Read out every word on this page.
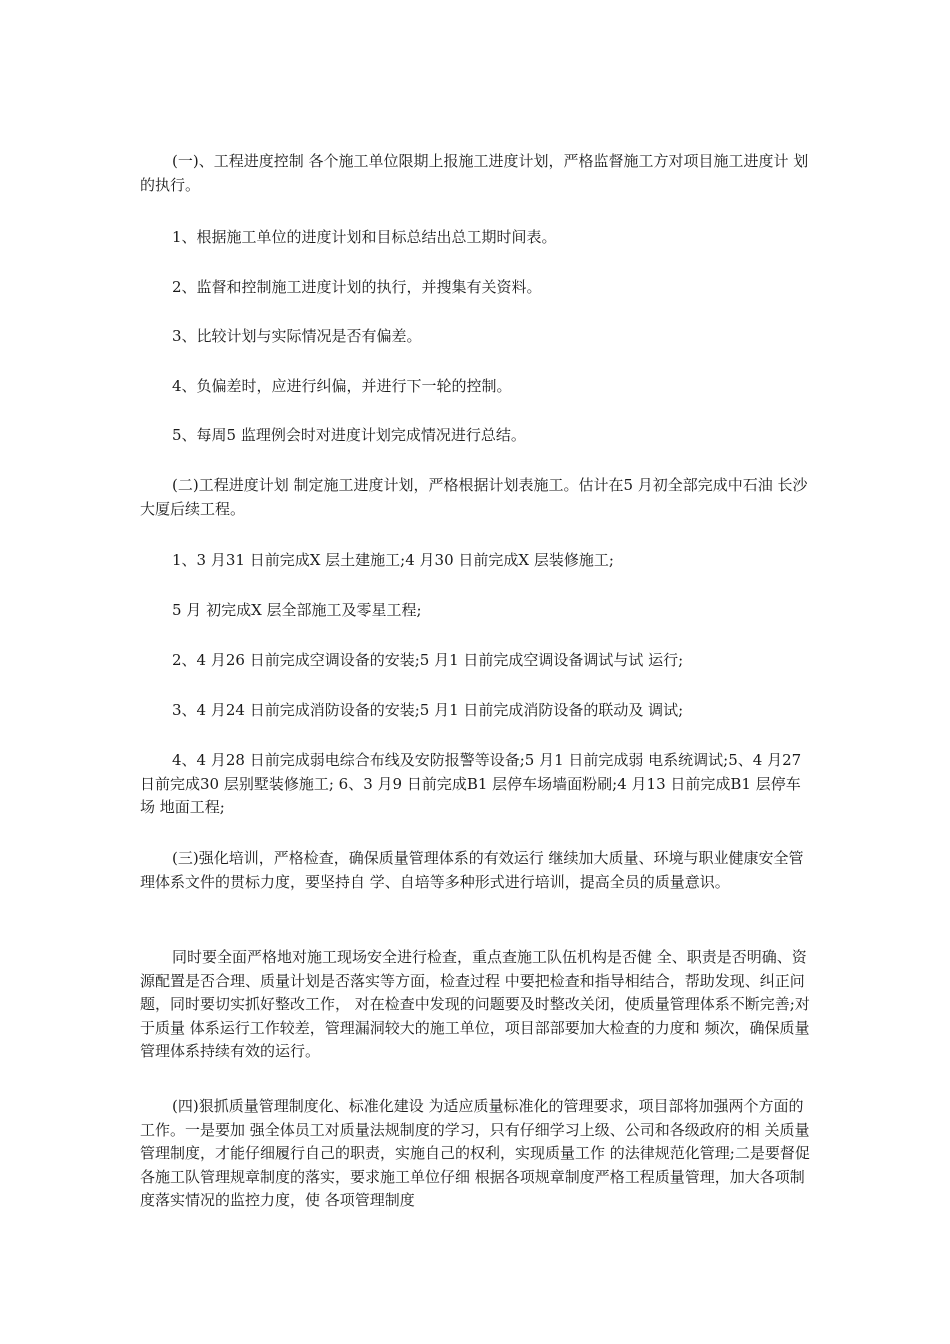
(一)、工程进度控制 各个施工单位限期上报施工进度计划，严格监督施工方对项目施工进度计 划的执行。

1、根据施工单位的进度计划和目标总结出总工期时间表。

2、监督和控制施工进度计划的执行，并搜集有关资料。

3、比较计划与实际情况是否有偏差。

4、负偏差时，应进行纠偏，并进行下一轮的控制。

5、每周5 监理例会时对进度计划完成情况进行总结。

(二)工程进度计划 制定施工进度计划，严格根据计划表施工。估计在5 月初全部完成中石油 长沙大厦后续工程。

1、3 月31 日前完成X 层土建施工;4 月30 日前完成X 层装修施工;

5 月 初完成X 层全部施工及零星工程;

2、4 月26 日前完成空调设备的安装;5 月1 日前完成空调设备调试与试 运行;

3、4 月24 日前完成消防设备的安装;5 月1 日前完成消防设备的联动及 调试;

4、4 月28 日前完成弱电综合布线及安防报警等设备;5 月1 日前完成弱 电系统调试;5、4 月27 日前完成30 层别墅装修施工; 6、3 月9 日前完成B1 层停车场墙面粉刷;4 月13 日前完成B1 层停车场 地面工程;

(三)强化培训，严格检查，确保质量管理体系的有效运行 继续加大质量、环境与职业健康安全管理体系文件的贯标力度，要坚持自 学、自培等多种形式进行培训，提高全员的质量意识。

同时要全面严格地对施工现场安全进行检查，重点查施工队伍机构是否健 全、职责是否明确、资源配置是否合理、质量计划是否落实等方面，检查过程 中要把检查和指导相结合，帮助发现、纠正问题，同时要切实抓好整改工作， 对在检查中发现的问题要及时整改关闭，使质量管理体系不断完善;对于质量 体系运行工作较差，管理漏洞较大的施工单位，项目部部要加大检查的力度和 频次，确保质量管理体系持续有效的运行。

(四)狠抓质量管理制度化、标准化建设 为适应质量标准化的管理要求，项目部将加强两个方面的工作。一是要加 强全体员工对质量法规制度的学习，只有仔细学习上级、公司和各级政府的相 关质量管理制度，才能仔细履行自己的职责，实施自己的权利，实现质量工作 的法律规范化管理;二是要督促各施工队管理规章制度的落实，要求施工单位仔细 根据各项规章制度严格工程质量管理，加大各项制度落实情况的监控力度，使 各项管理制度
